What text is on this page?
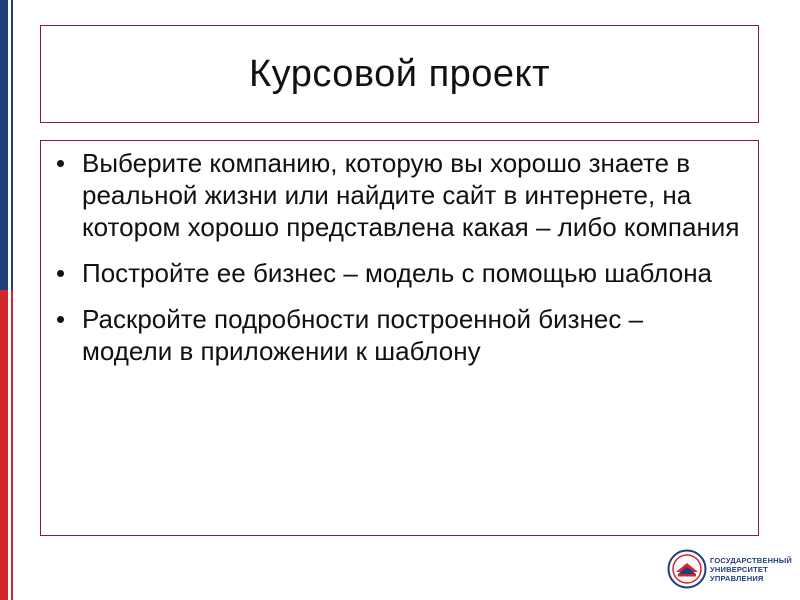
Курсовой проект
Выберите компанию, которую вы хорошо знаете в реальной жизни или найдите сайт в интернете, на котором хорошо представлена какая – либо компания
Постройте ее бизнес – модель с помощью шаблона
Раскройте подробности построенной бизнес – модели в приложении к шаблону
ГОСУДАРСТВЕННЫЙ
УНИВЕРСИТЕТ
УПРАВЛЕНИЯ
